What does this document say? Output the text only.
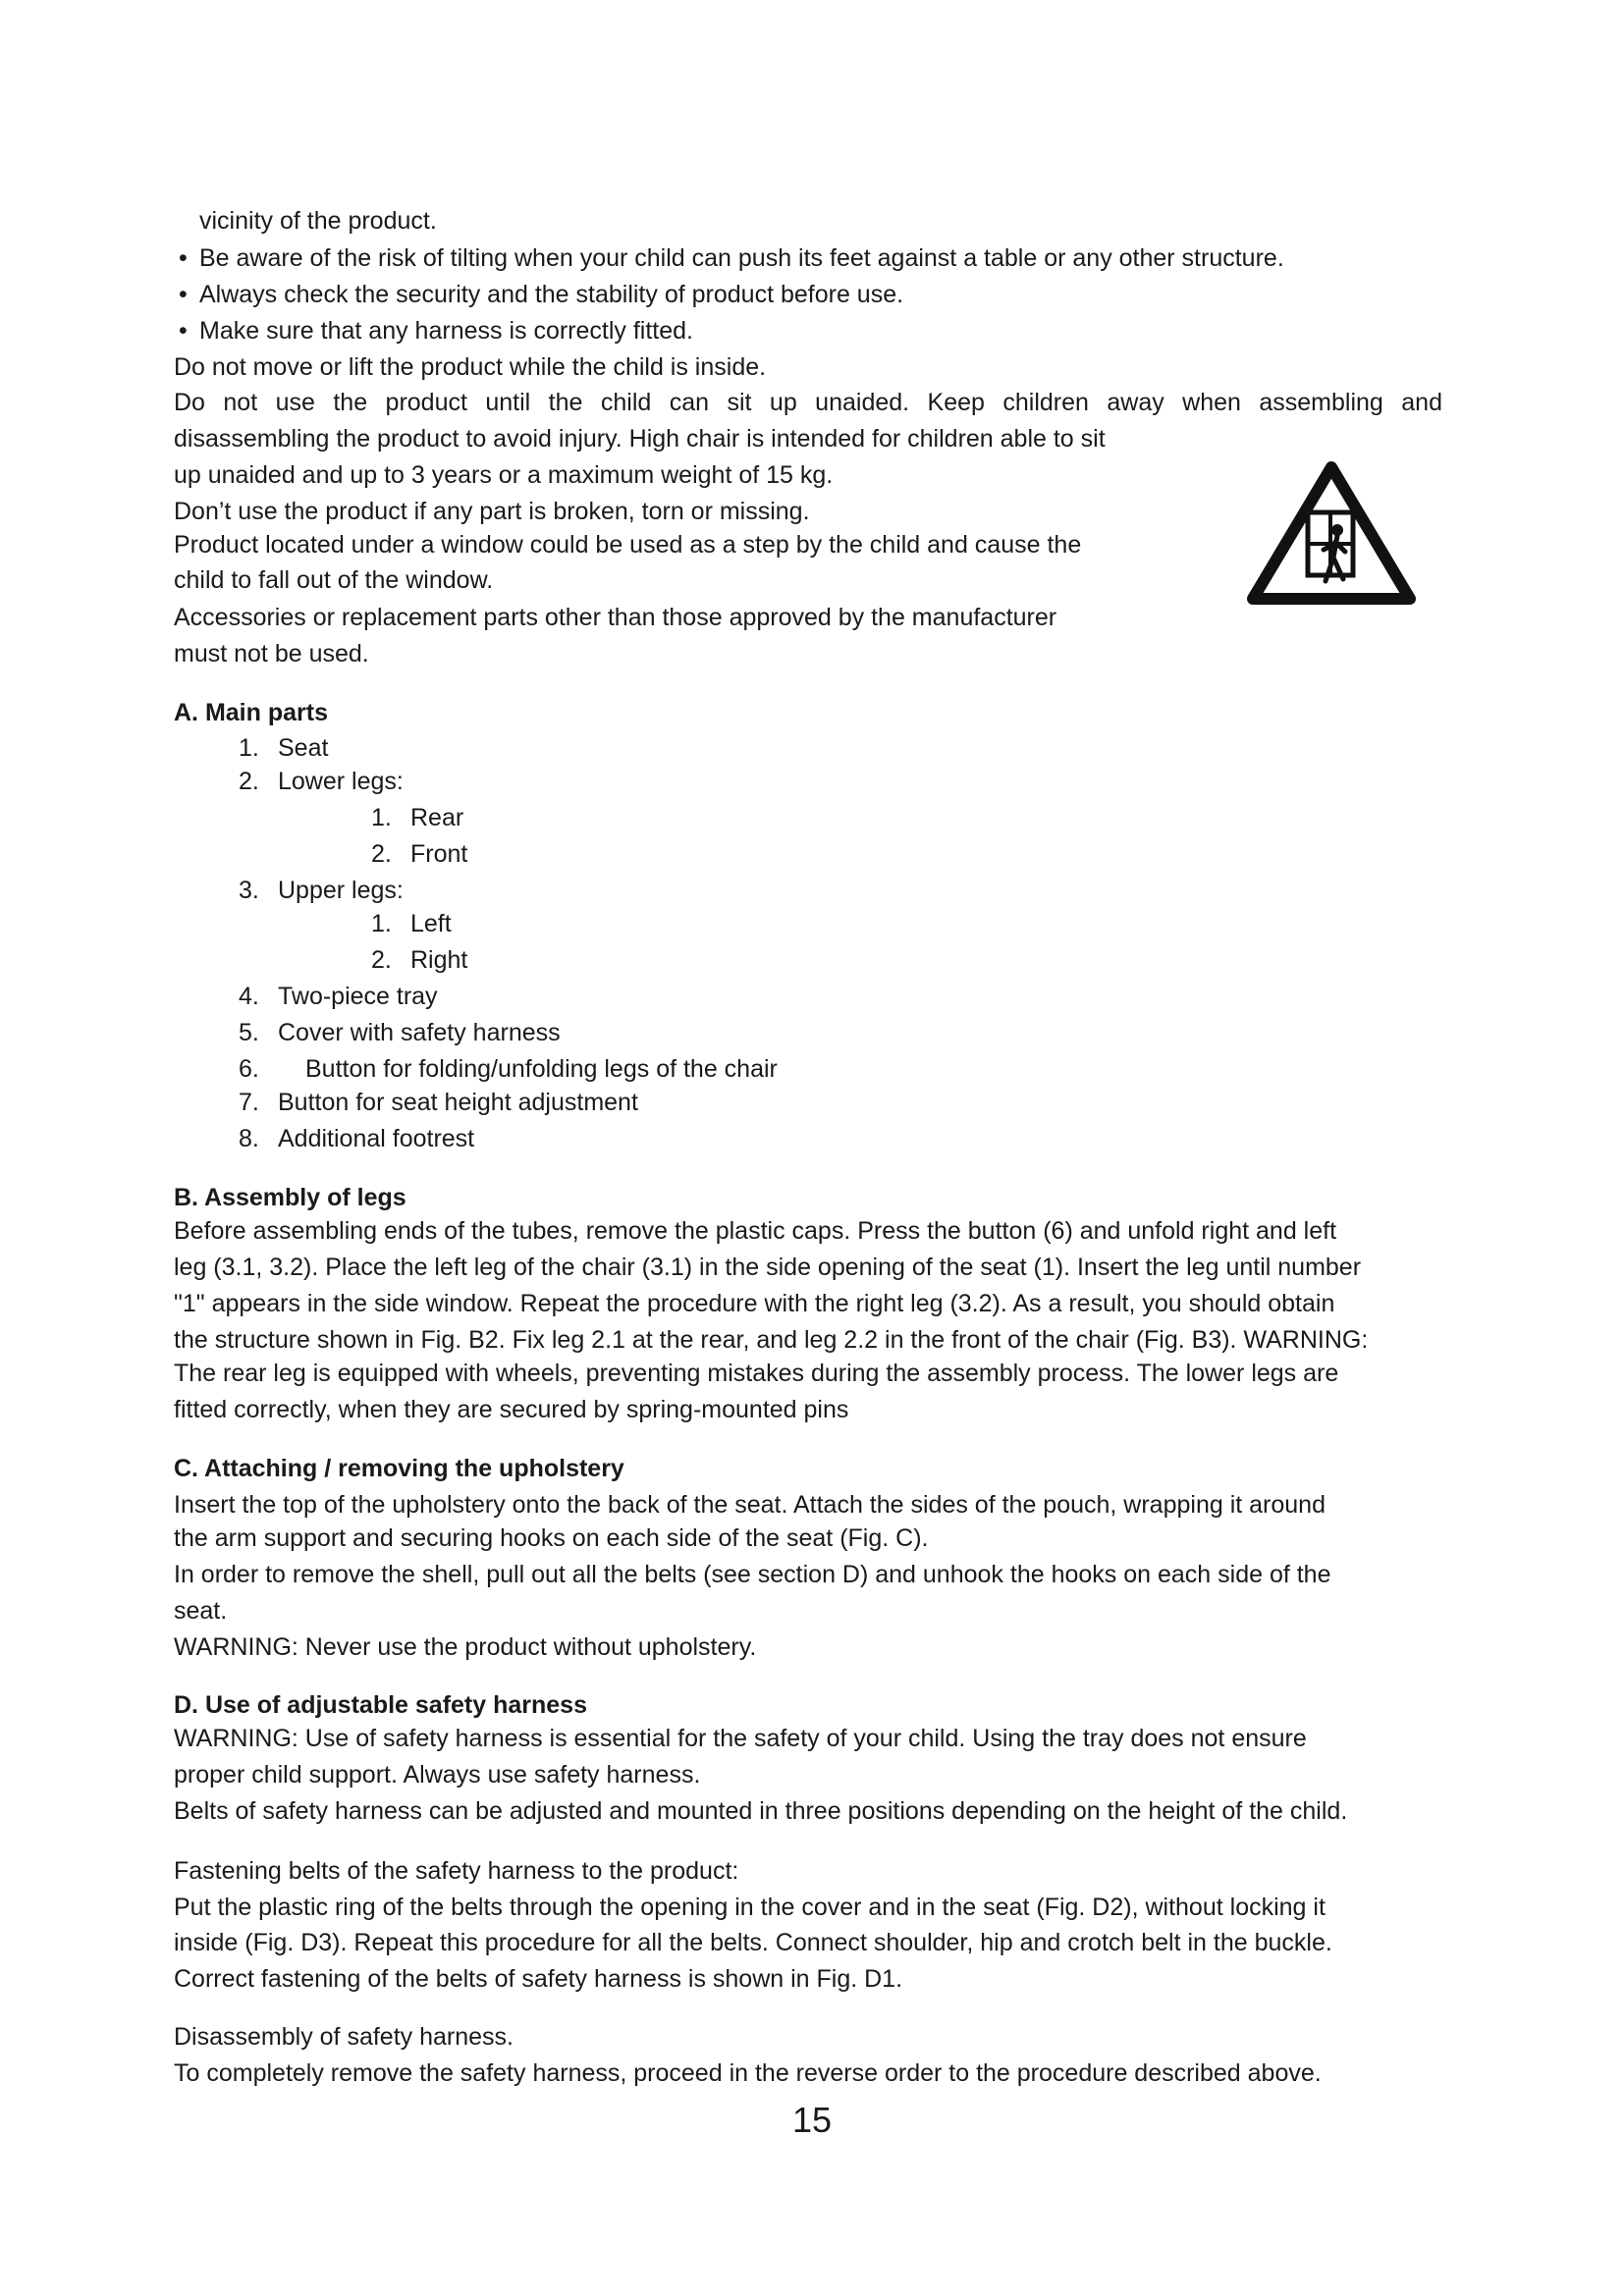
vicinity of the product.
• Be aware of the risk of tilting when your child can push its feet against a table or any other structure.
• Always check the security and the stability of product before use.
• Make sure that any harness is correctly fitted.
Do not move or lift the product while the child is inside.
Do not use the product until the child can sit up unaided. Keep children away when assembling and
disassembling the product to avoid injury. High chair is intended for children able to sit
up unaided and up to 3 years or a maximum weight of 15 kg.
Don’t use the product if any part is broken, torn or missing.
Product located under a window could be used as a step by the child and cause the
child to fall out of the window.
Accessories or replacement parts other than those approved by the manufacturer
must not be used.
A. Main parts
1. Seat
2. Lower legs:
1. Rear
2. Front
3. Upper legs:
1. Left
2. Right
4. Two-piece tray
5. Cover with safety harness
6. Button for folding/unfolding legs of the chair
7. Button for seat height adjustment
8. Additional footrest
B. Assembly of legs
Before assembling ends of the tubes, remove the plastic caps. Press the button (6) and unfold right and left
leg (3.1, 3.2). Place the left leg of the chair (3.1) in the side opening of the seat (1). Insert the leg until number
"1" appears in the side window. Repeat the procedure with the right leg (3.2). As a result, you should obtain
the structure shown in Fig. B2. Fix leg 2.1 at the rear, and leg 2.2 in the front of the chair (Fig. B3). WARNING:
The rear leg is equipped with wheels, preventing mistakes during the assembly process. The lower legs are
fitted correctly, when they are secured by spring-mounted pins
C. Attaching / removing the upholstery
Insert the top of the upholstery onto the back of the seat. Attach the sides of the pouch, wrapping it around
the arm support and securing hooks on each side of the seat (Fig. C).
In order to remove the shell, pull out all the belts (see section D) and unhook the hooks on each side of the
seat.
WARNING: Never use the product without upholstery.
D. Use of adjustable safety harness
WARNING: Use of safety harness is essential for the safety of your child. Using the tray does not ensure
proper child support. Always use safety harness.
Belts of safety harness can be adjusted and mounted in three positions depending on the height of the child.
Fastening belts of the safety harness to the product:
Put the plastic ring of the belts through the opening in the cover and in the seat (Fig. D2), without locking it
inside (Fig. D3). Repeat this procedure for all the belts. Connect shoulder, hip and crotch belt in the buckle.
Correct fastening of the belts of safety harness is shown in Fig. D1.
Disassembly of safety harness.
To completely remove the safety harness, proceed in the reverse order to the procedure described above.
15
